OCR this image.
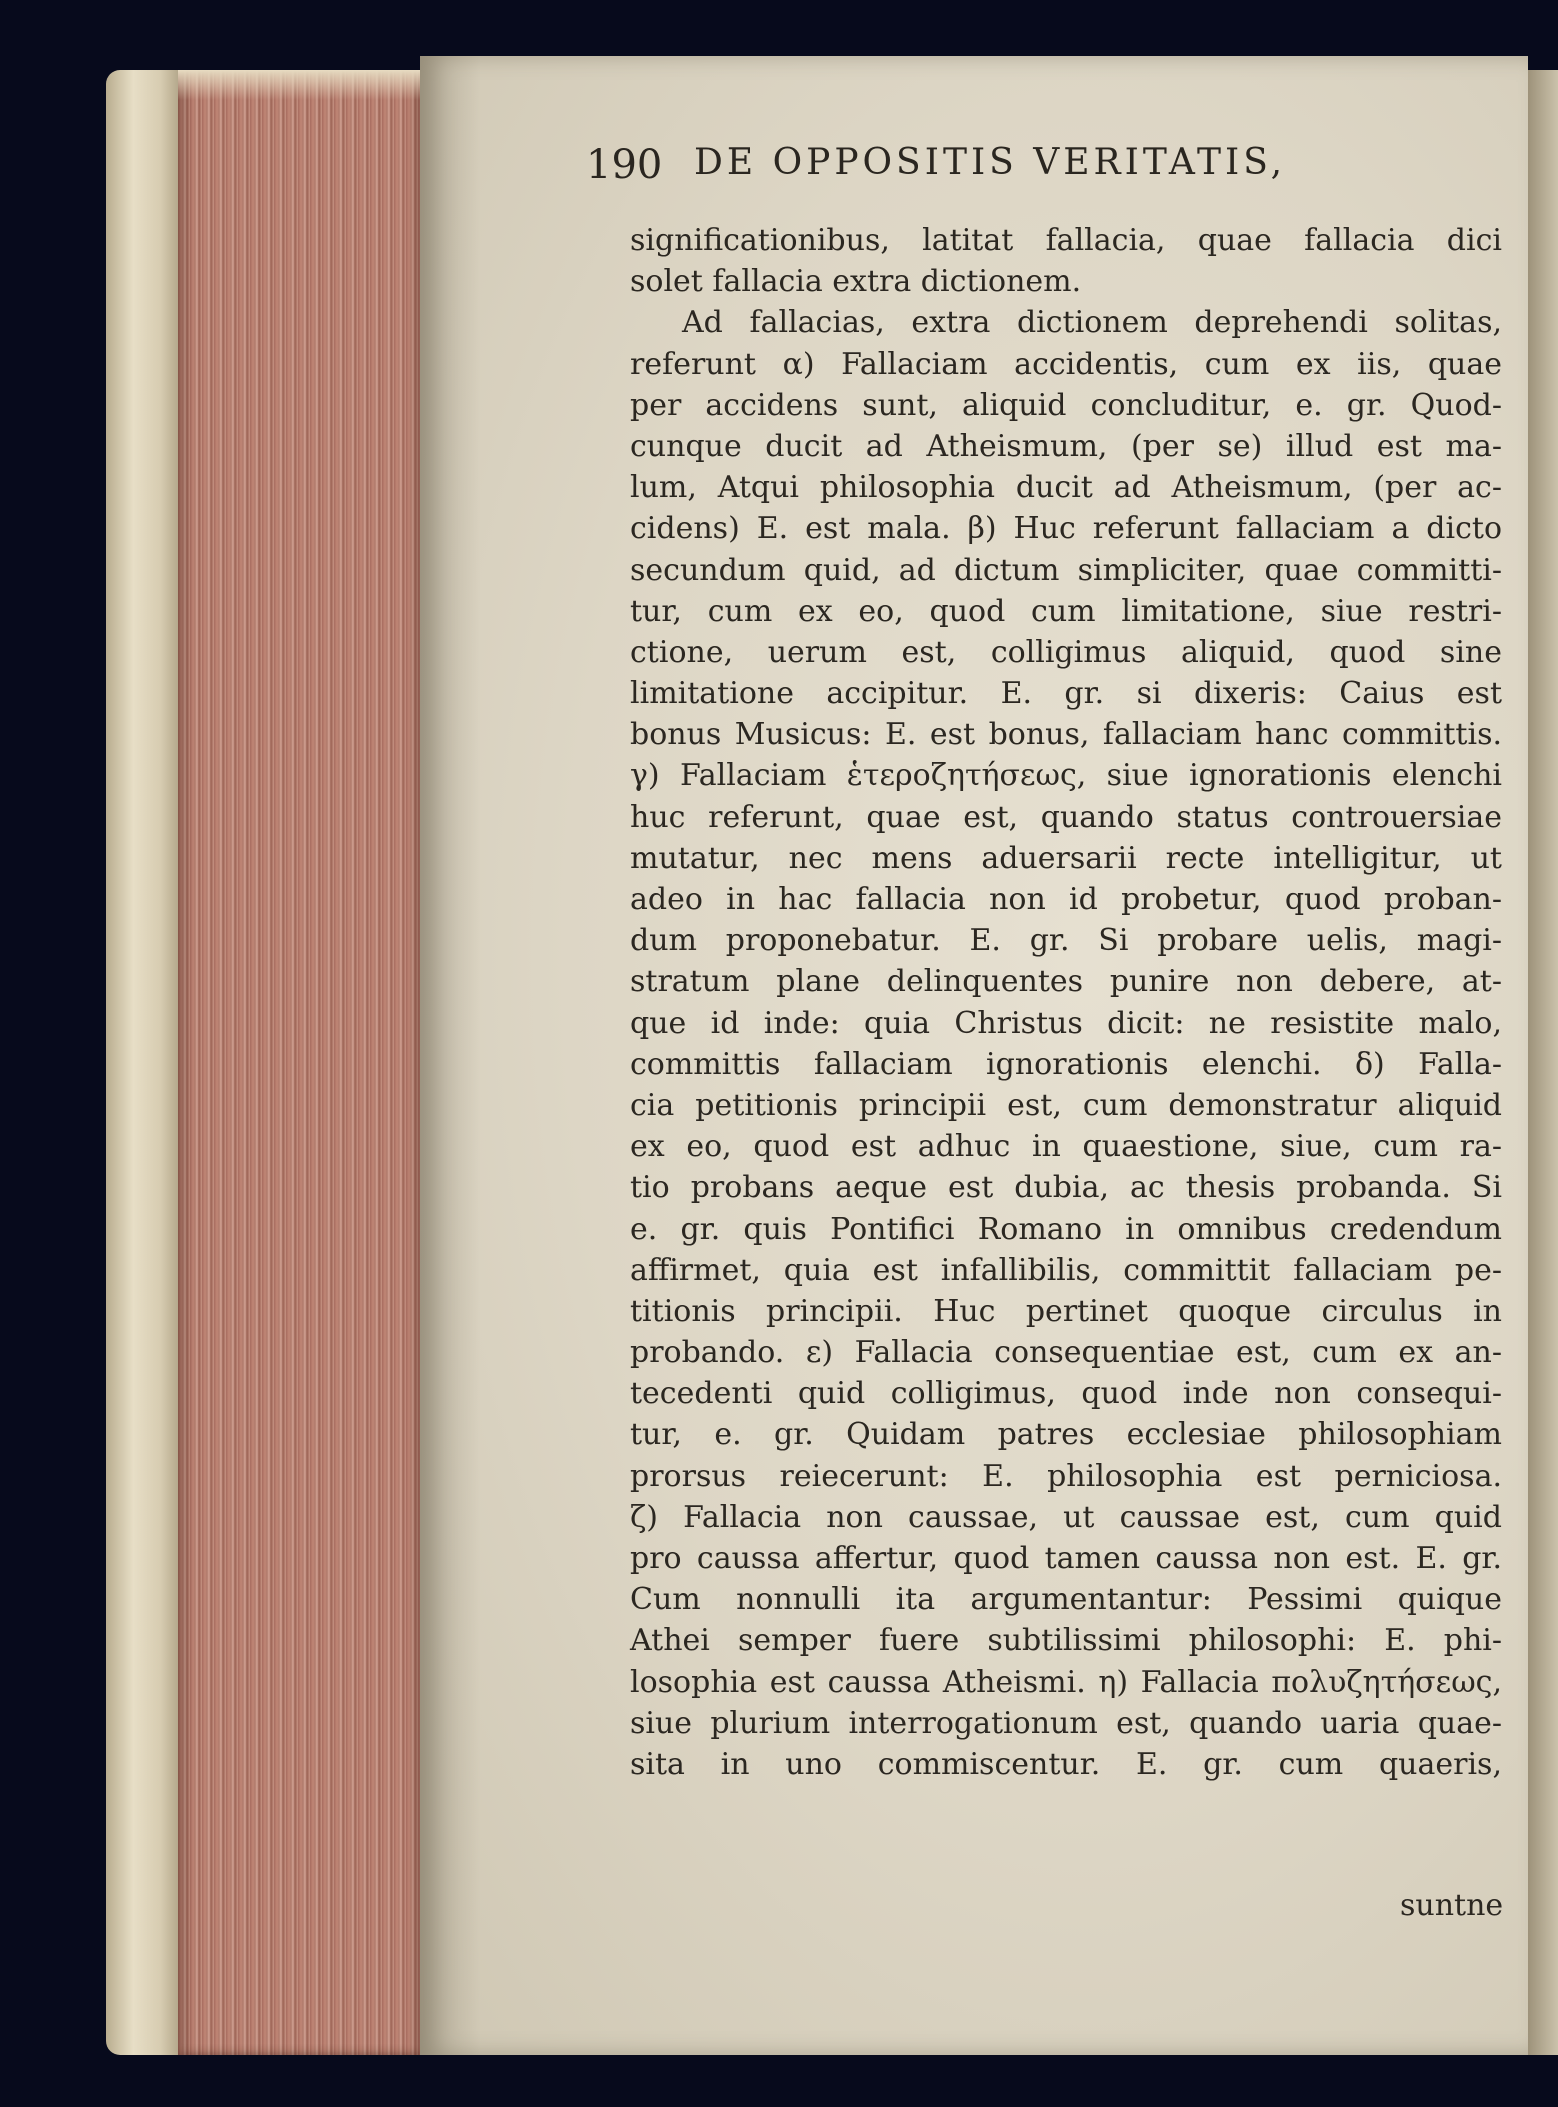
190 DE OPPOSITIS VERITATIS,
significationibus, latitat fallacia, quae fallacia dici
solet fallacia extra dictionem.
Ad fallacias, extra dictionem deprehendi solitas,
referunt α) Fallaciam accidentis, cum ex iis, quae
per accidens sunt, aliquid concluditur, e. gr. Quod-
cunque ducit ad Atheismum, (per se) illud est ma-
lum, Atqui philosophia ducit ad Atheismum, (per ac-
cidens) E. est mala. β) Huc referunt fallaciam a dicto
secundum quid, ad dictum simpliciter, quae committi-
tur, cum ex eo, quod cum limitatione, siue restri-
ctione, uerum est, colligimus aliquid, quod sine
limitatione accipitur. E. gr. si dixeris: Caius est
bonus Musicus: E. est bonus, fallaciam hanc committis.
γ) Fallaciam ἑτεροζητήσεως, siue ignorationis elenchi
huc referunt, quae est, quando status controuersiae
mutatur, nec mens aduersarii recte intelligitur, ut
adeo in hac fallacia non id probetur, quod proban-
dum proponebatur. E. gr. Si probare uelis, magi-
stratum plane delinquentes punire non debere, at-
que id inde: quia Christus dicit: ne resistite malo,
committis fallaciam ignorationis elenchi. δ) Falla-
cia petitionis principii est, cum demonstratur aliquid
ex eo, quod est adhuc in quaestione, siue, cum ra-
tio probans aeque est dubia, ac thesis probanda. Si
e. gr. quis Pontifici Romano in omnibus credendum
affirmet, quia est infallibilis, committit fallaciam pe-
titionis principii. Huc pertinet quoque circulus in
probando. ε) Fallacia consequentiae est, cum ex an-
tecedenti quid colligimus, quod inde non consequi-
tur, e. gr. Quidam patres ecclesiae philosophiam
prorsus reiecerunt: E. philosophia est perniciosa.
ζ) Fallacia non caussae, ut caussae est, cum quid
pro caussa affertur, quod tamen caussa non est. E. gr.
Cum nonnulli ita argumentantur: Pessimi quique
Athei semper fuere subtilissimi philosophi: E. phi-
losophia est caussa Atheismi. η) Fallacia πολυζητήσεως,
siue plurium interrogationum est, quando uaria quae-
sita in uno commiscentur. E. gr. cum quaeris,
suntne
